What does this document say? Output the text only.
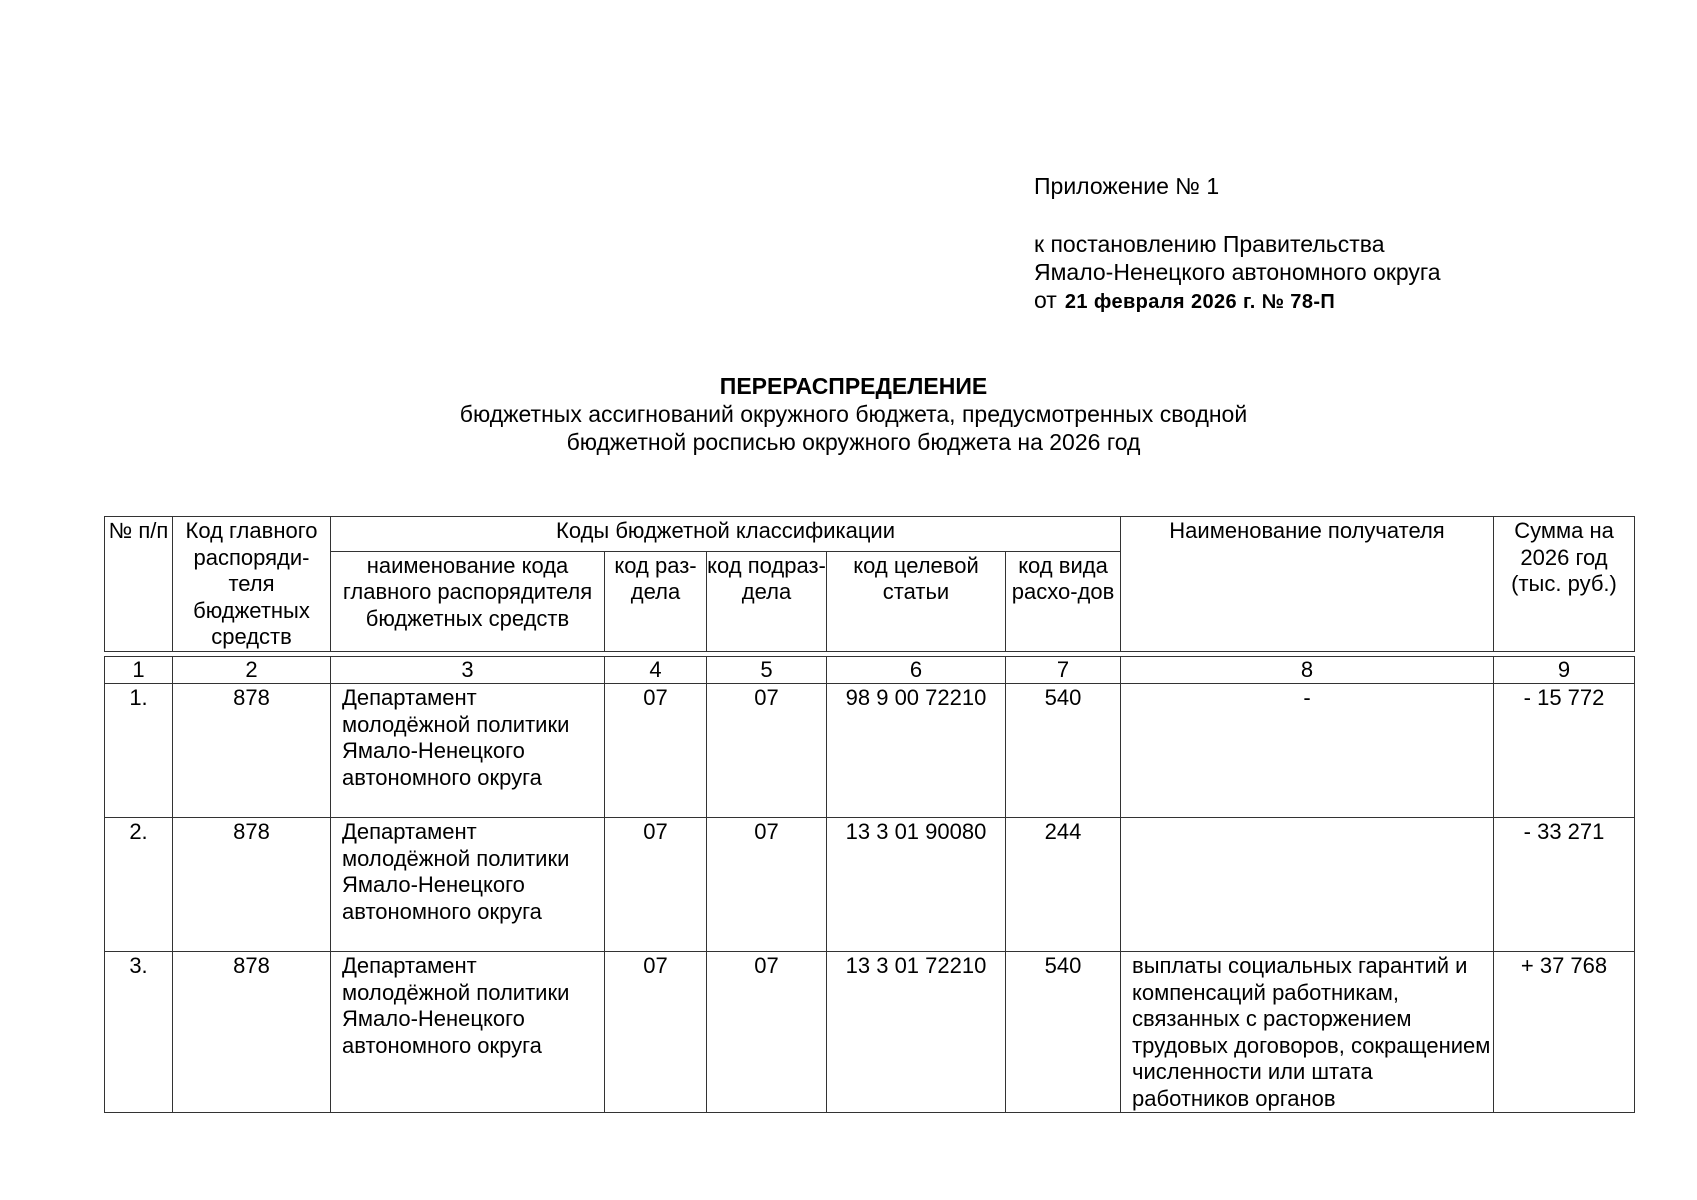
Приложение № 1
к постановлению Правительства
Ямало-Ненецкого автономного округа
от 21 февраля 2026 г. № 78-П
ПЕРЕРАСПРЕДЕЛЕНИЕ
бюджетных ассигнований окружного бюджета, предусмотренных сводной
бюджетной росписью окружного бюджета на 2026 год
№ п/п	Код главного распоряди-теля бюджетных средств	Коды бюджетной классификации					Наименование получателя	Сумма на 2026 год (тыс. руб.)
		наименование кода главного распорядителя бюджетных средств	код раз-дела	код подраз-дела	код целевой статьи	код вида расхо-дов		

1	2	3	4	5	6	7	8	9
1.	878	Департамент молодёжной политики Ямало-Ненецкого автономного округа	07	07	98 9 00 72210	540	-	- 15 772
2.	878	Департамент молодёжной политики Ямало-Ненецкого автономного округа	07	07	13 3 01 90080	244		- 33 271
3.	878	Департамент молодёжной политики Ямало-Ненецкого автономного округа	07	07	13 3 01 72210	540	выплаты социальных гарантий и компенсаций работникам, связанных с расторжением трудовых договоров, сокращением численности или штата работников органов	+ 37 768
